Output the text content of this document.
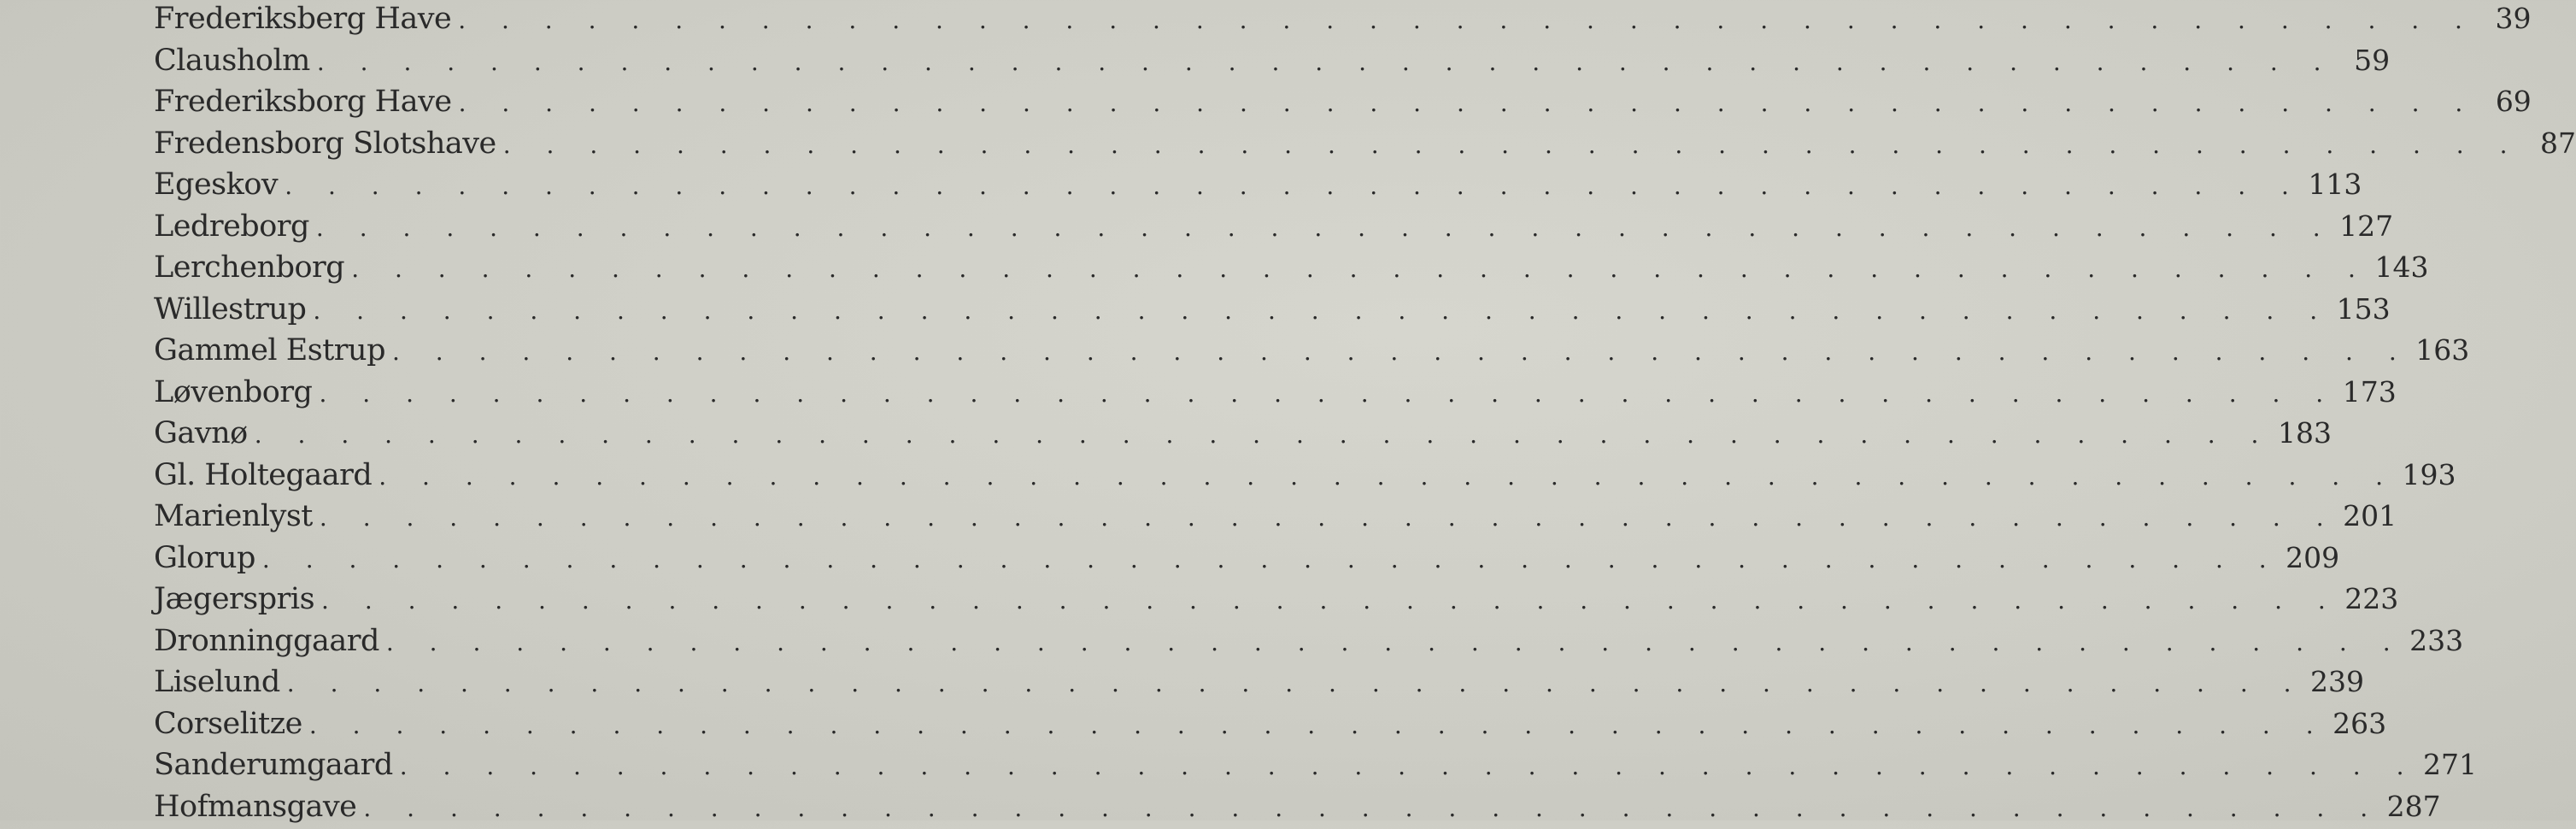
Frederiksberg Have . . . . . . . . . . . . . . . . . . . . . . . . . . . . . . . . . . . . . . . . . . . . . . . 39
Clausholm . . . . . . . . . . . . . . . . . . . . . . . . . . . . . . . . . . . . . . . . . . . . . . . 59
Frederiksborg Have . . . . . . . . . . . . . . . . . . . . . . . . . . . . . . . . . . . . . . . . . . . . . . . 69
Fredensborg Slotshave . . . . . . . . . . . . . . . . . . . . . . . . . . . . . . . . . . . . . . . . . . . . . . . 87
Egeskov . . . . . . . . . . . . . . . . . . . . . . . . . . . . . . . . . . . . . . . . . . . . . . . 113
Ledreborg . . . . . . . . . . . . . . . . . . . . . . . . . . . . . . . . . . . . . . . . . . . . . . . 127
Lerchenborg . . . . . . . . . . . . . . . . . . . . . . . . . . . . . . . . . . . . . . . . . . . . . . . 143
Willestrup . . . . . . . . . . . . . . . . . . . . . . . . . . . . . . . . . . . . . . . . . . . . . . . 153
Gammel Estrup . . . . . . . . . . . . . . . . . . . . . . . . . . . . . . . . . . . . . . . . . . . . . . . 163
Løvenborg . . . . . . . . . . . . . . . . . . . . . . . . . . . . . . . . . . . . . . . . . . . . . . . 173
Gavnø . . . . . . . . . . . . . . . . . . . . . . . . . . . . . . . . . . . . . . . . . . . . . . . 183
Gl. Holtegaard . . . . . . . . . . . . . . . . . . . . . . . . . . . . . . . . . . . . . . . . . . . . . . . 193
Marienlyst . . . . . . . . . . . . . . . . . . . . . . . . . . . . . . . . . . . . . . . . . . . . . . . 201
Glorup . . . . . . . . . . . . . . . . . . . . . . . . . . . . . . . . . . . . . . . . . . . . . . . 209
Jægerspris . . . . . . . . . . . . . . . . . . . . . . . . . . . . . . . . . . . . . . . . . . . . . . . 223
Dronninggaard . . . . . . . . . . . . . . . . . . . . . . . . . . . . . . . . . . . . . . . . . . . . . . . 233
Liselund . . . . . . . . . . . . . . . . . . . . . . . . . . . . . . . . . . . . . . . . . . . . . . . 239
Corselitze . . . . . . . . . . . . . . . . . . . . . . . . . . . . . . . . . . . . . . . . . . . . . . . 263
Sanderumgaard . . . . . . . . . . . . . . . . . . . . . . . . . . . . . . . . . . . . . . . . . . . . . . . 271
Hofmansgave . . . . . . . . . . . . . . . . . . . . . . . . . . . . . . . . . . . . . . . . . . . . . . . 287
